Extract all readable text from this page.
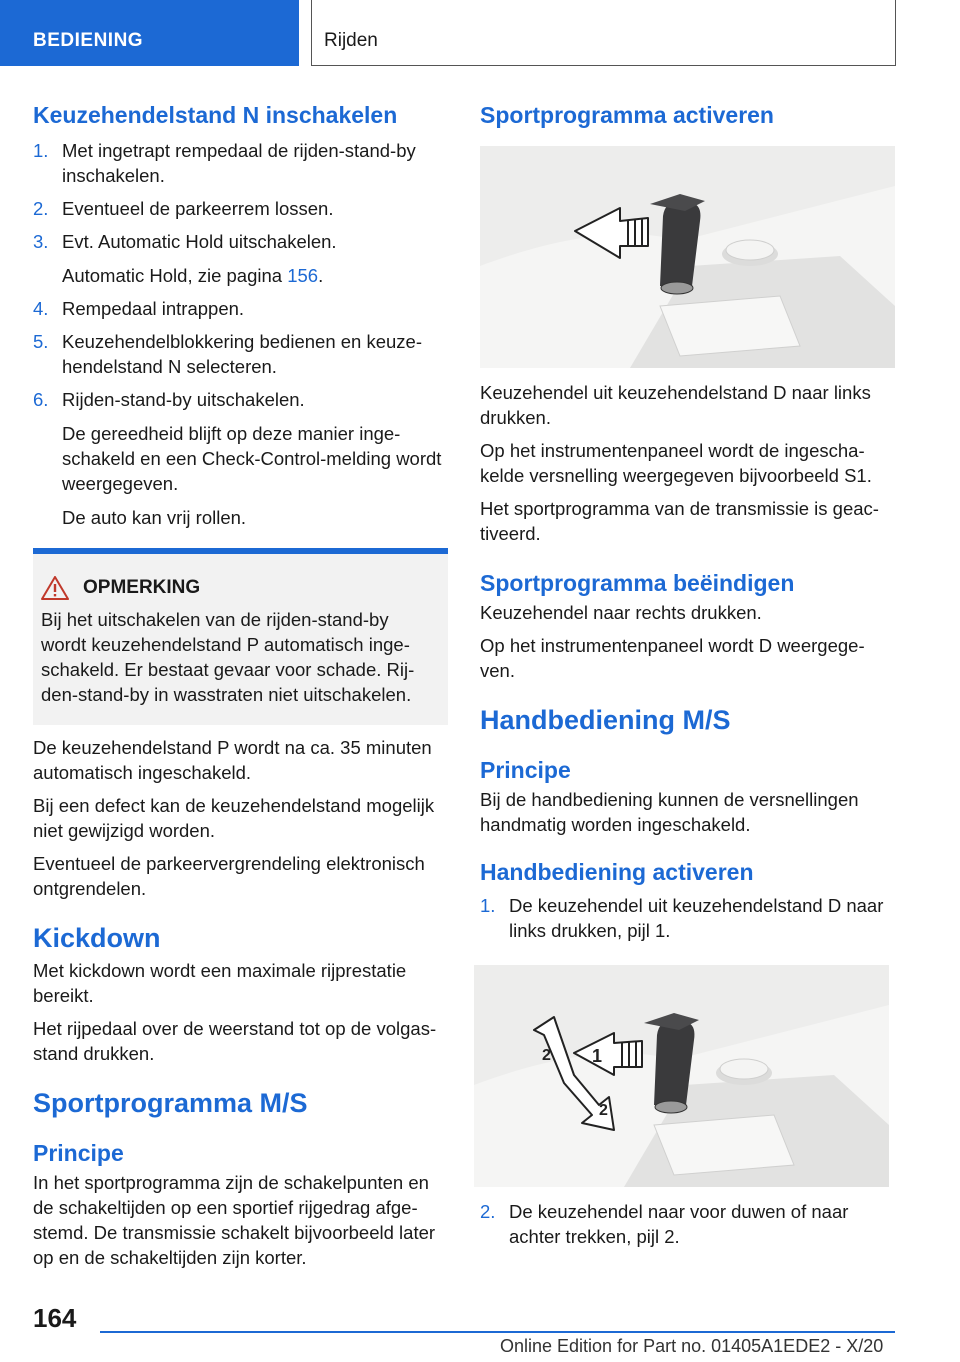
BEDIENING	Rijden
Keuzehendelstand N inschakelen
1. Met ingetrapt rempedaal de rijden-stand-by inschakelen.
2. Eventueel de parkeerrem lossen.
3. Evt. Automatic Hold uitschakelen.
Automatic Hold, zie pagina 156.
4. Rempedaal intrappen.
5. Keuzehendelblokkering bedienen en keuze-hendelstand N selecteren.
6. Rijden-stand-by uitschakelen.
De gereedheid blijft op deze manier inge-schakeld en een Check-Control-melding wordt weergegeven.
De auto kan vrij rollen.
OPMERKING

Bij het uitschakelen van de rijden-stand-by wordt keuzehendelstand P automatisch inge-schakeld. Er bestaat gevaar voor schade. Rij-den-stand-by in wasstraten niet uitschakelen.

De keuzehendelstand P wordt na ca. 35 minuten automatisch ingeschakeld.

Bij een defect kan de keuzehendelstand mogelijk niet gewijzigd worden.

Eventueel de parkeervergrendeling elektronisch ontgrendelen.

Kickdown

Met kickdown wordt een maximale rijprestatie bereikt.

Het rijpedaal over de weerstand tot op de volgas-stand drukken.

Sportprogramma M/S
Principe

In het sportprogramma zijn de schakelpunten en de schakeltijden op een sportief rijgedrag afge-stemd. De transmissie schakelt bijvoorbeeld later op en de schakeltijden zijn korter.

Sportprogramma activeren

Keuzehendel uit keuzehendelstand D naar links drukken.

Op het instrumentenpaneel wordt de ingescha-kelde versnelling weergegeven bijvoorbeeld S1.

Het sportprogramma van de transmissie is geac-tiveerd.

Sportprogramma beëindigen

Keuzehendel naar rechts drukken.

Op het instrumentenpaneel wordt D weergege-ven.

Handbediening M/S
Principe

Bij de handbediening kunnen de versnellingen handmatig worden ingeschakeld.

Handbediening activeren
1. De keuzehendel uit keuzehendelstand D naar links drukken, pijl 1.
1
2
2
2. De keuzehendel naar voor duwen of naar achter trekken, pijl 2.
164
Online Edition for Part no. 01405A1EDE2 - X/20
